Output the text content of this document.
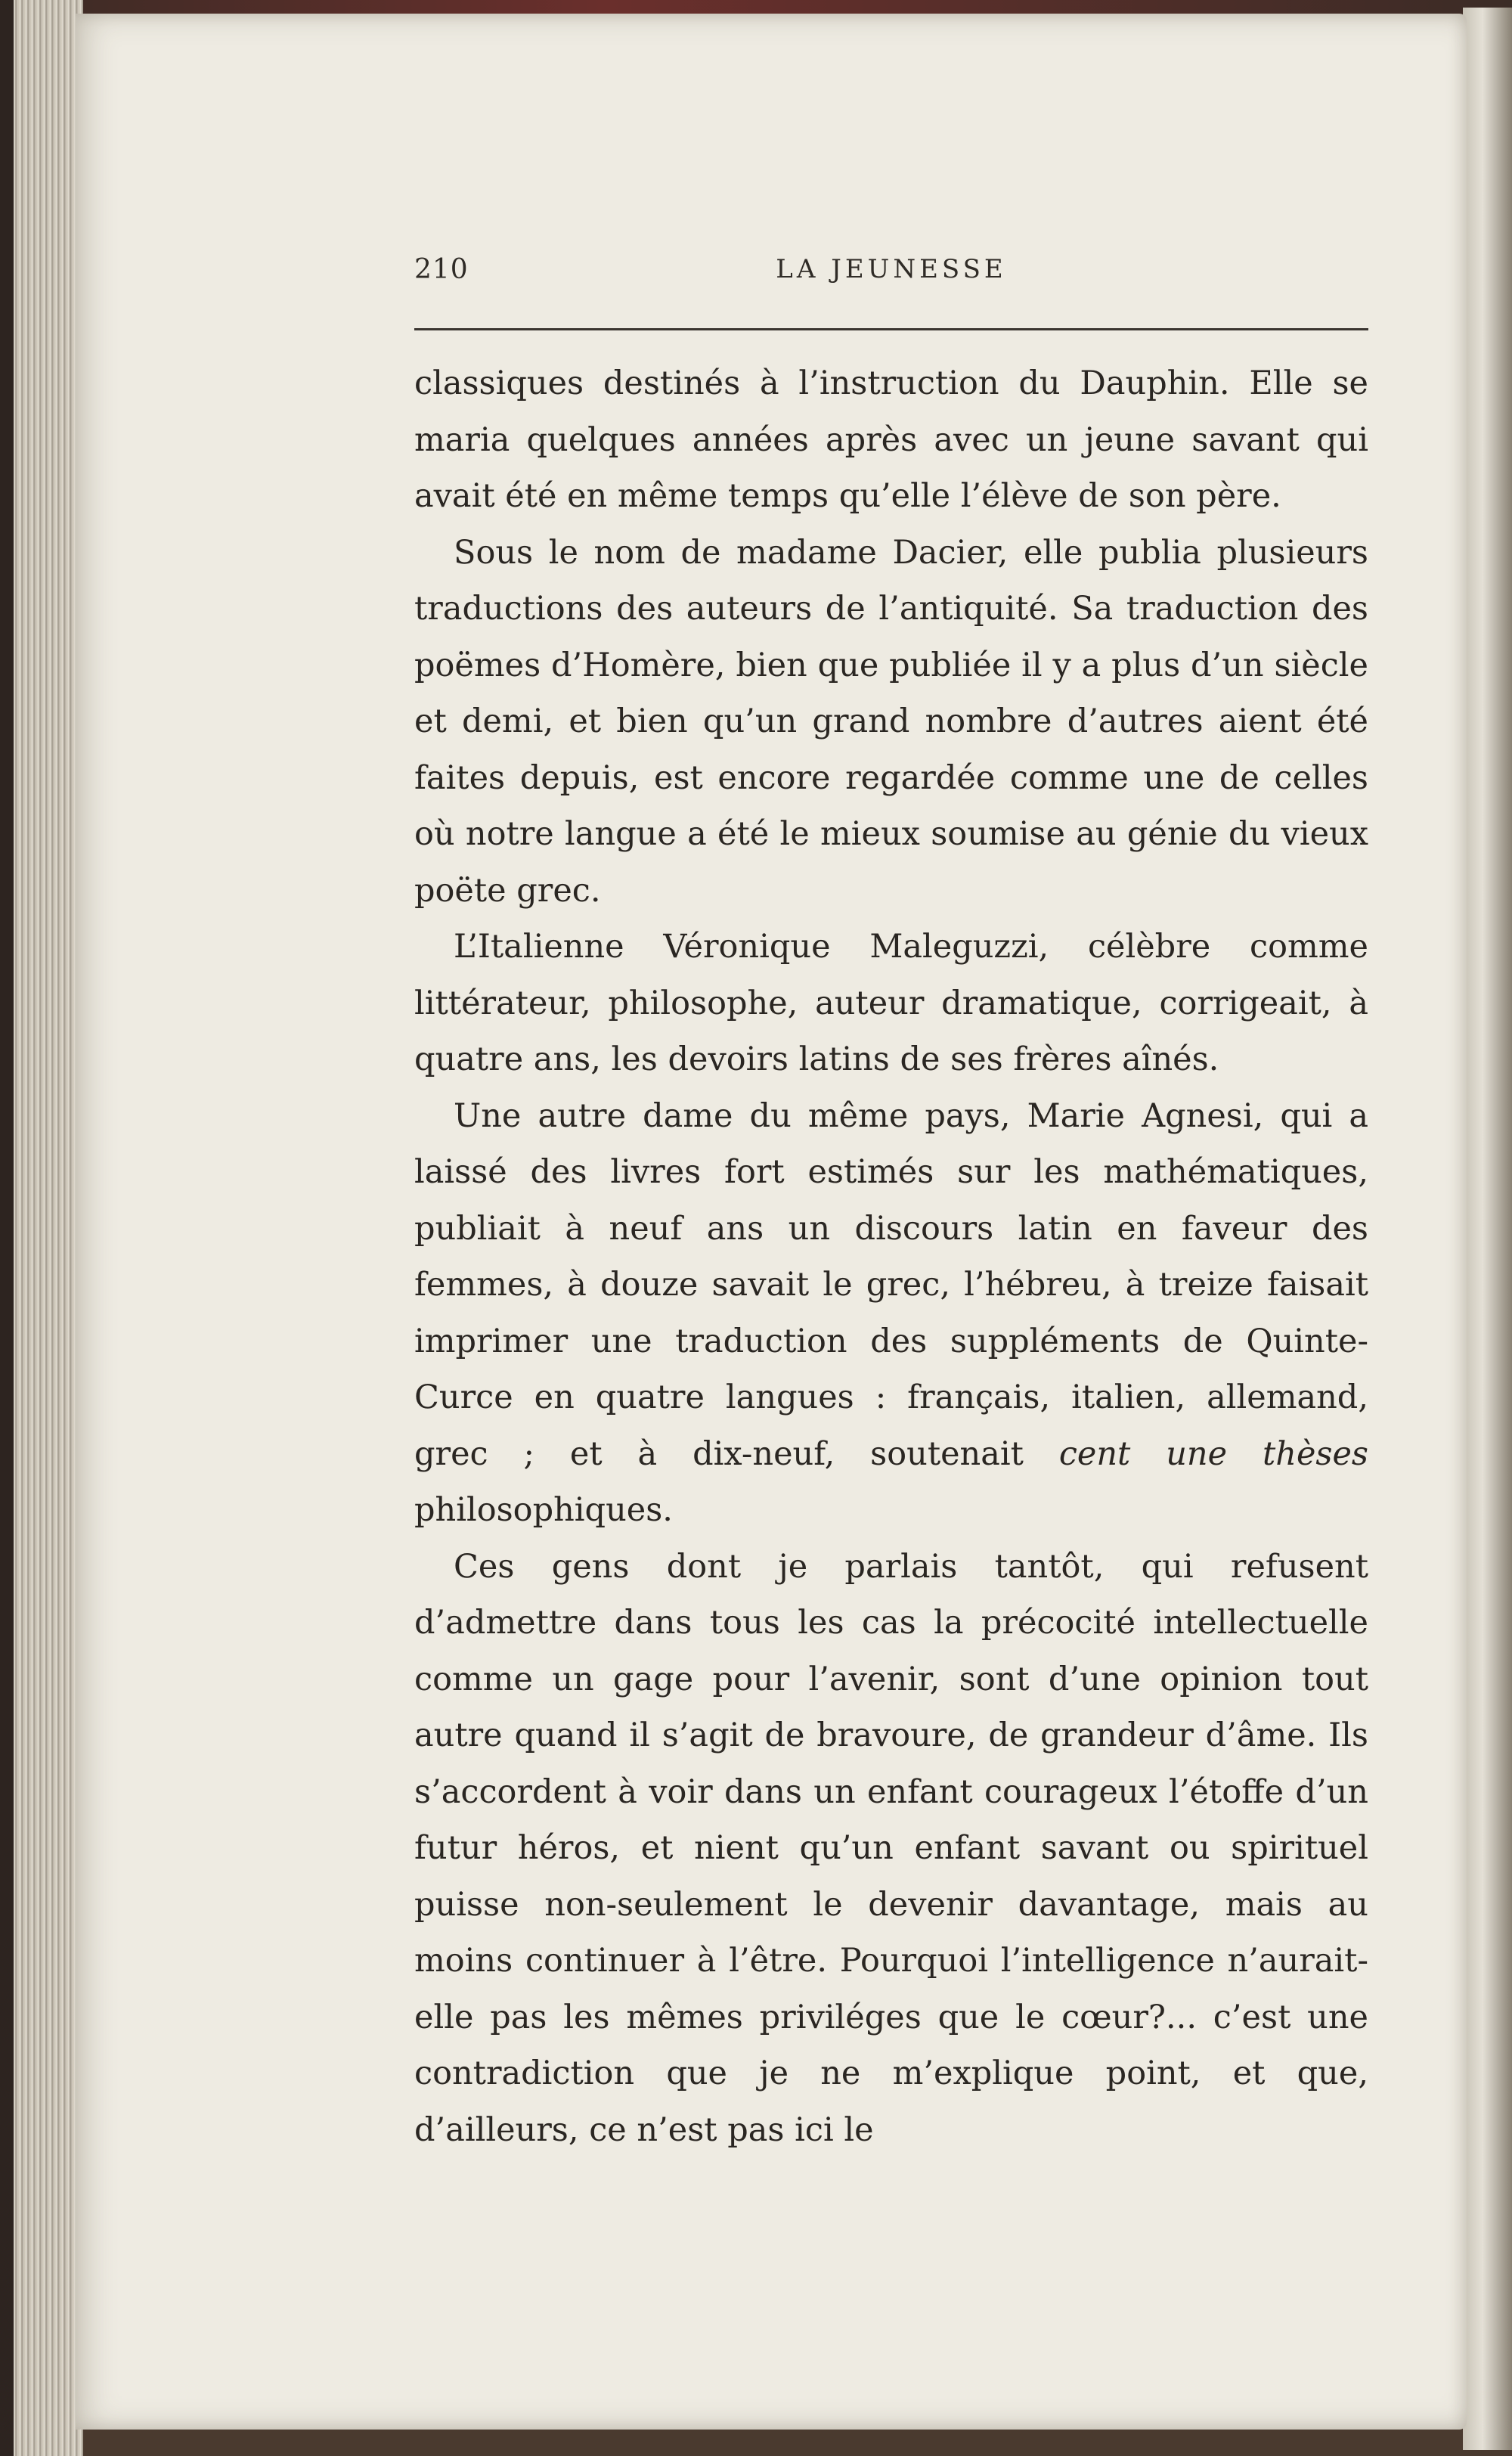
210	LA JEUNESSE

classiques destinés à l’instruction du Dauphin. Elle se maria quelques années après avec un jeune savant qui avait été en même temps qu’elle l’élève de son père.

Sous le nom de madame Dacier, elle publia plusieurs traductions des auteurs de l’antiquité. Sa traduction des poëmes d’Homère, bien que publiée il y a plus d’un siècle et demi, et bien qu’un grand nombre d’autres aient été faites depuis, est encore regardée comme une de celles où notre langue a été le mieux soumise au génie du vieux poëte grec.

L’Italienne Véronique Maleguzzi, célèbre comme littérateur, philosophe, auteur dramatique, corrigeait, à quatre ans, les devoirs latins de ses frères aînés.

Une autre dame du même pays, Marie Agnesi, qui a laissé des livres fort estimés sur les mathématiques, publiait à neuf ans un discours latin en faveur des femmes, à douze savait le grec, l’hébreu, à treize faisait imprimer une traduction des suppléments de Quinte-Curce en quatre langues : français, italien, allemand, grec ; et à dix-neuf, soutenait cent une thèses philosophiques.

Ces gens dont je parlais tantôt, qui refusent d’admettre dans tous les cas la précocité intellectuelle comme un gage pour l’avenir, sont d’une opinion tout autre quand il s’agit de bravoure, de grandeur d’âme. Ils s’accordent à voir dans un enfant courageux l’étoffe d’un futur héros, et nient qu’un enfant savant ou spirituel puisse non-seulement le devenir davantage, mais au moins continuer à l’être. Pourquoi l’intelligence n’aurait-elle pas les mêmes priviléges que le cœur?... c’est une contradiction que je ne m’explique point, et que, d’ailleurs, ce n’est pas ici le
